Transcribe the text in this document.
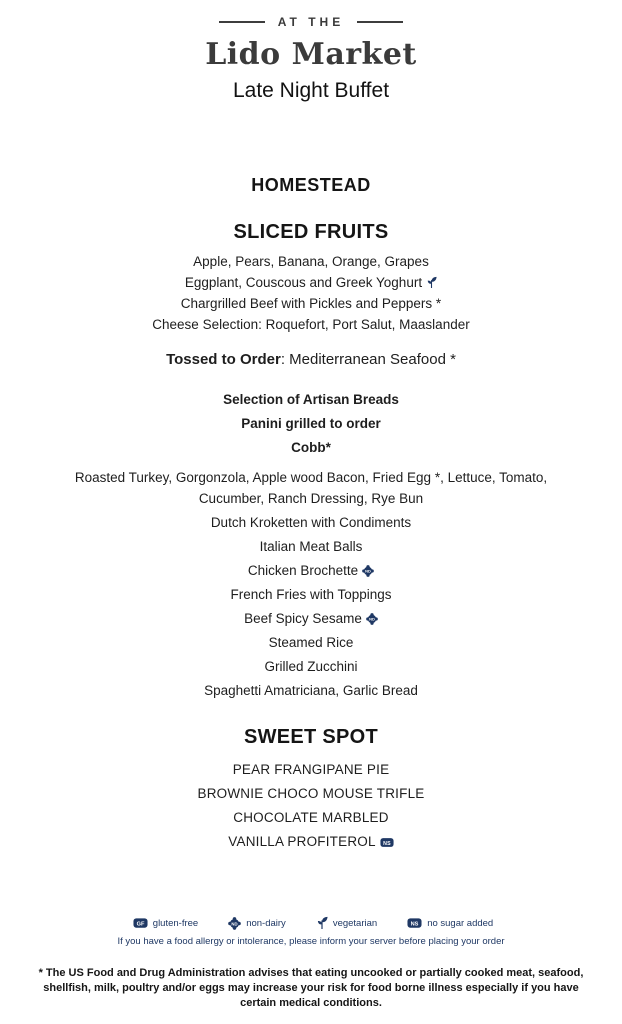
AT THE
Lido Market
Late Night Buffet
HOMESTEAD
SLICED FRUITS
Apple, Pears, Banana, Orange, Grapes
Eggplant, Couscous and Greek Yoghurt
Chargrilled Beef with Pickles and Peppers *
Cheese Selection: Roquefort, Port Salut, Maaslander
Tossed to Order: Mediterranean Seafood *
Selection of Artisan Breads
Panini grilled to order
Cobb*
Roasted Turkey, Gorgonzola, Apple wood Bacon, Fried Egg *, Lettuce, Tomato, Cucumber, Ranch Dressing, Rye Bun
Dutch Kroketten with Condiments
Italian Meat Balls
Chicken Brochette ND
French Fries with Toppings
Beef Spicy Sesame ND
Steamed Rice
Grilled Zucchini
Spaghetti Amatriciana, Garlic Bread
SWEET SPOT
PEAR FRANGIPANE PIE
BROWNIE CHOCO MOUSE TRIFLE
CHOCOLATE MARBLED
VANILLA PROFITEROL NS
GF gluten-free	ND non-dairy	vegetarian	NS no sugar added
If you have a food allergy or intolerance, please inform your server before placing your order
* The US Food and Drug Administration advises that eating uncooked or partially cooked meat, seafood, shellfish, milk, poultry and/or eggs may increase your risk for food borne illness especially if you have certain medical conditions.
